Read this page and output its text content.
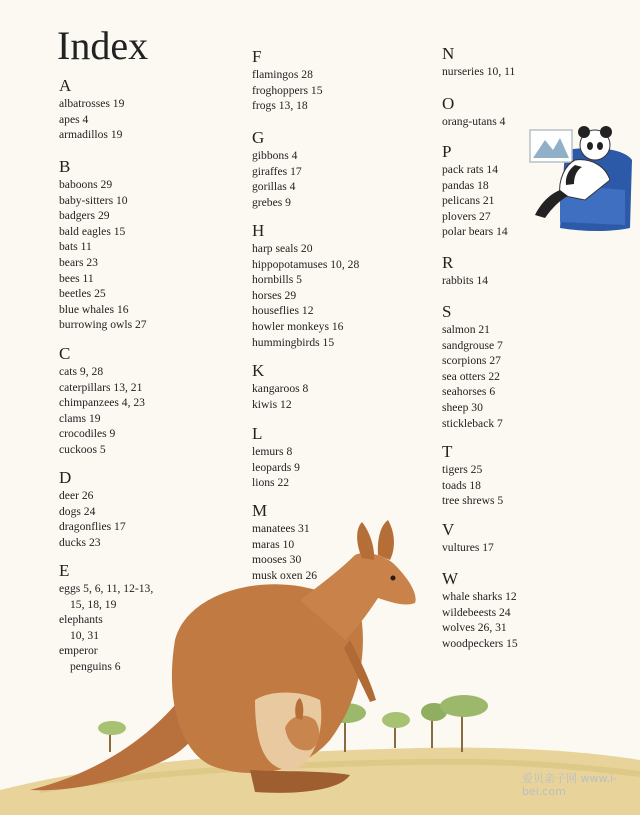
Index
A
albatrosses 19
apes 4
armadillos 19
B
baboons 29
baby-sitters 10
badgers 29
bald eagles 15
bats 11
bears 23
bees 11
beetles 25
blue whales 16
burrowing owls 27
C
cats 9, 28
caterpillars 13, 21
chimpanzees 4, 23
clams 19
crocodiles 9
cuckoos 5
D
deer 26
dogs 24
dragonflies 17
ducks 23
E
eggs 5, 6, 11, 12-13,
15, 18, 19
elephants
10, 31
emperor
penguins 6
F
flamingos 28
froghoppers 15
frogs 13, 18
G
gibbons 4
giraffes 17
gorillas 4
grebes 9
H
harp seals 20
hippopotamuses 10, 28
hornbills 5
horses 29
houseflies 12
howler monkeys 16
hummingbirds 15
K
kangaroos 8
kiwis 12
L
lemurs 8
leopards 9
lions 22
M
manatees 31
maras 10
mooses 30
musk oxen 26
N
nurseries 10, 11
O
orang-utans 4
P
pack rats 14
pandas 18
pelicans 21
plovers 27
polar bears 14
R
rabbits 14
S
salmon 21
sandgrouse 7
scorpions 27
sea otters 22
seahorses 6
sheep 30
stickleback 7
T
tigers 25
toads 18
tree shrews 5
V
vultures 17
W
whale sharks 12
wildebeests 24
wolves 26, 31
woodpeckers 15
爱贝亲子网 www.i-bei.com
